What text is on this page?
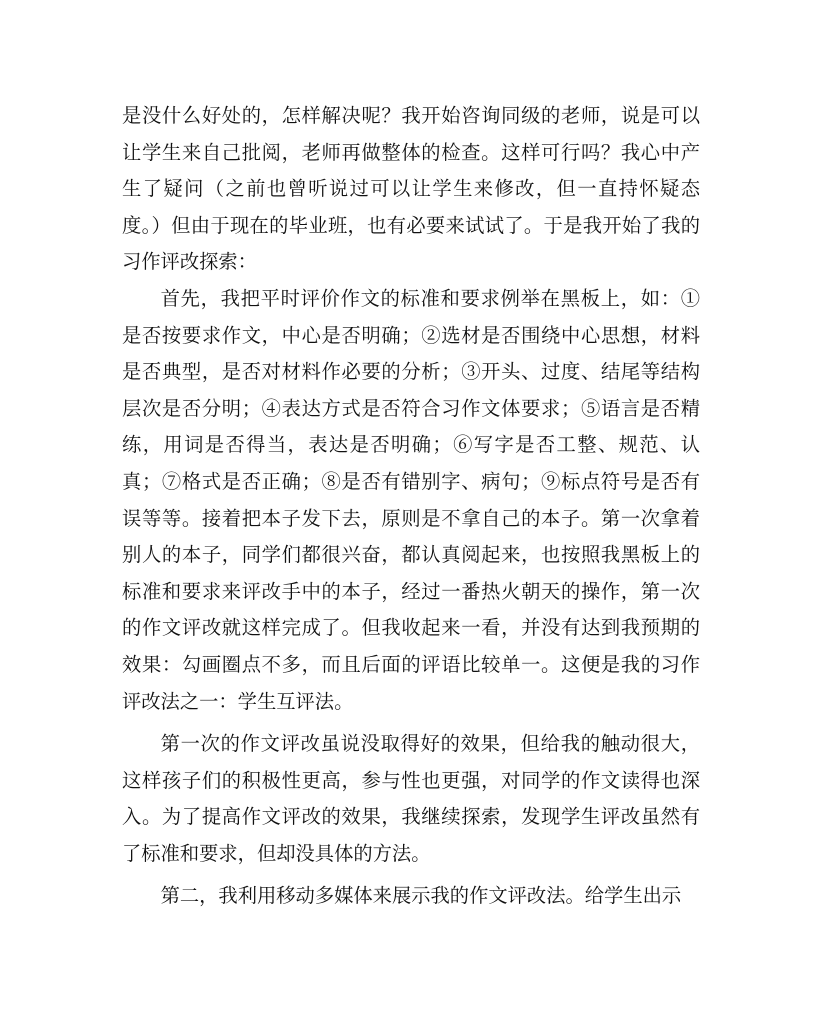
是没什么好处的，怎样解决呢？我开始咨询同级的老师，说是可以让学生来自己批阅，老师再做整体的检查。这样可行吗？我心中产生了疑问（之前也曾听说过可以让学生来修改，但一直持怀疑态度。）但由于现在的毕业班，也有必要来试试了。于是我开始了我的习作评改探索：

首先，我把平时评价作文的标准和要求例举在黑板上，如：①是否按要求作文，中心是否明确；②选材是否围绕中心思想，材料是否典型，是否对材料作必要的分析；③开头、过度、结尾等结构层次是否分明；④表达方式是否符合习作文体要求；⑤语言是否精练，用词是否得当，表达是否明确；⑥写字是否工整、规范、认真；⑦格式是否正确；⑧是否有错别字、病句；⑨标点符号是否有误等等。接着把本子发下去，原则是不拿自己的本子。第一次拿着别人的本子，同学们都很兴奋，都认真阅起来，也按照我黑板上的标准和要求来评改手中的本子，经过一番热火朝天的操作，第一次的作文评改就这样完成了。但我收起来一看，并没有达到我预期的效果：勾画圈点不多，而且后面的评语比较单一。这便是我的习作评改法之一：学生互评法。

第一次的作文评改虽说没取得好的效果，但给我的触动很大，这样孩子们的积极性更高，参与性也更强，对同学的作文读得也深入。为了提高作文评改的效果，我继续探索，发现学生评改虽然有了标准和要求，但却没具体的方法。

第二，我利用移动多媒体来展示我的作文评改法。给学生出示
